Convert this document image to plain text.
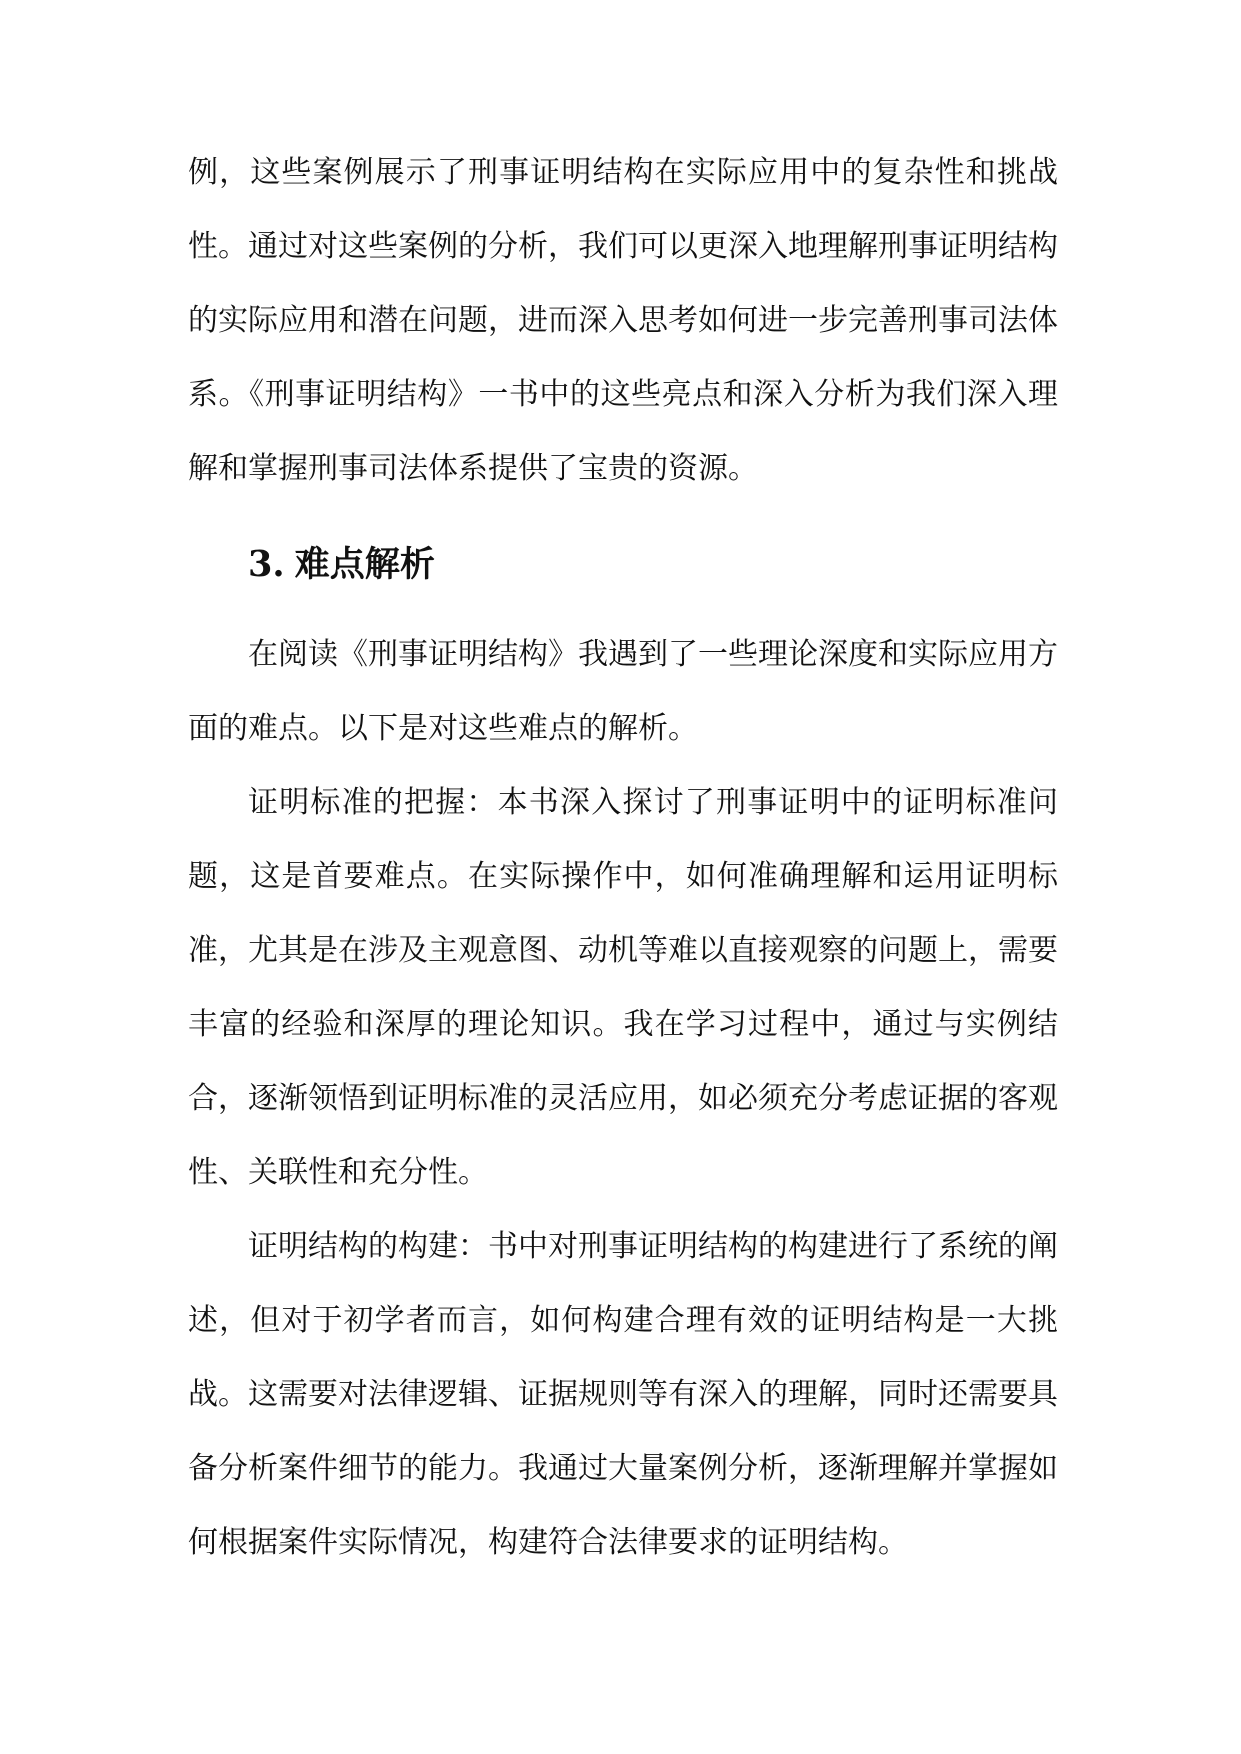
例，这些案例展示了刑事证明结构在实际应用中的复杂性和挑战性。通过对这些案例的分析，我们可以更深入地理解刑事证明结构的实际应用和潜在问题，进而深入思考如何进一步完善刑事司法体系。《刑事证明结构》一书中的这些亮点和深入分析为我们深入理解和掌握刑事司法体系提供了宝贵的资源。

3. 难点解析

在阅读《刑事证明结构》我遇到了一些理论深度和实际应用方面的难点。以下是对这些难点的解析。

证明标准的把握：本书深入探讨了刑事证明中的证明标准问题，这是首要难点。在实际操作中，如何准确理解和运用证明标准，尤其是在涉及主观意图、动机等难以直接观察的问题上，需要丰富的经验和深厚的理论知识。我在学习过程中，通过与实例结合，逐渐领悟到证明标准的灵活应用，如必须充分考虑证据的客观性、关联性和充分性。

证明结构的构建：书中对刑事证明结构的构建进行了系统的阐述，但对于初学者而言，如何构建合理有效的证明结构是一大挑战。这需要对法律逻辑、证据规则等有深入的理解，同时还需要具备分析案件细节的能力。我通过大量案例分析，逐渐理解并掌握如何根据案件实际情况，构建符合法律要求的证明结构。
